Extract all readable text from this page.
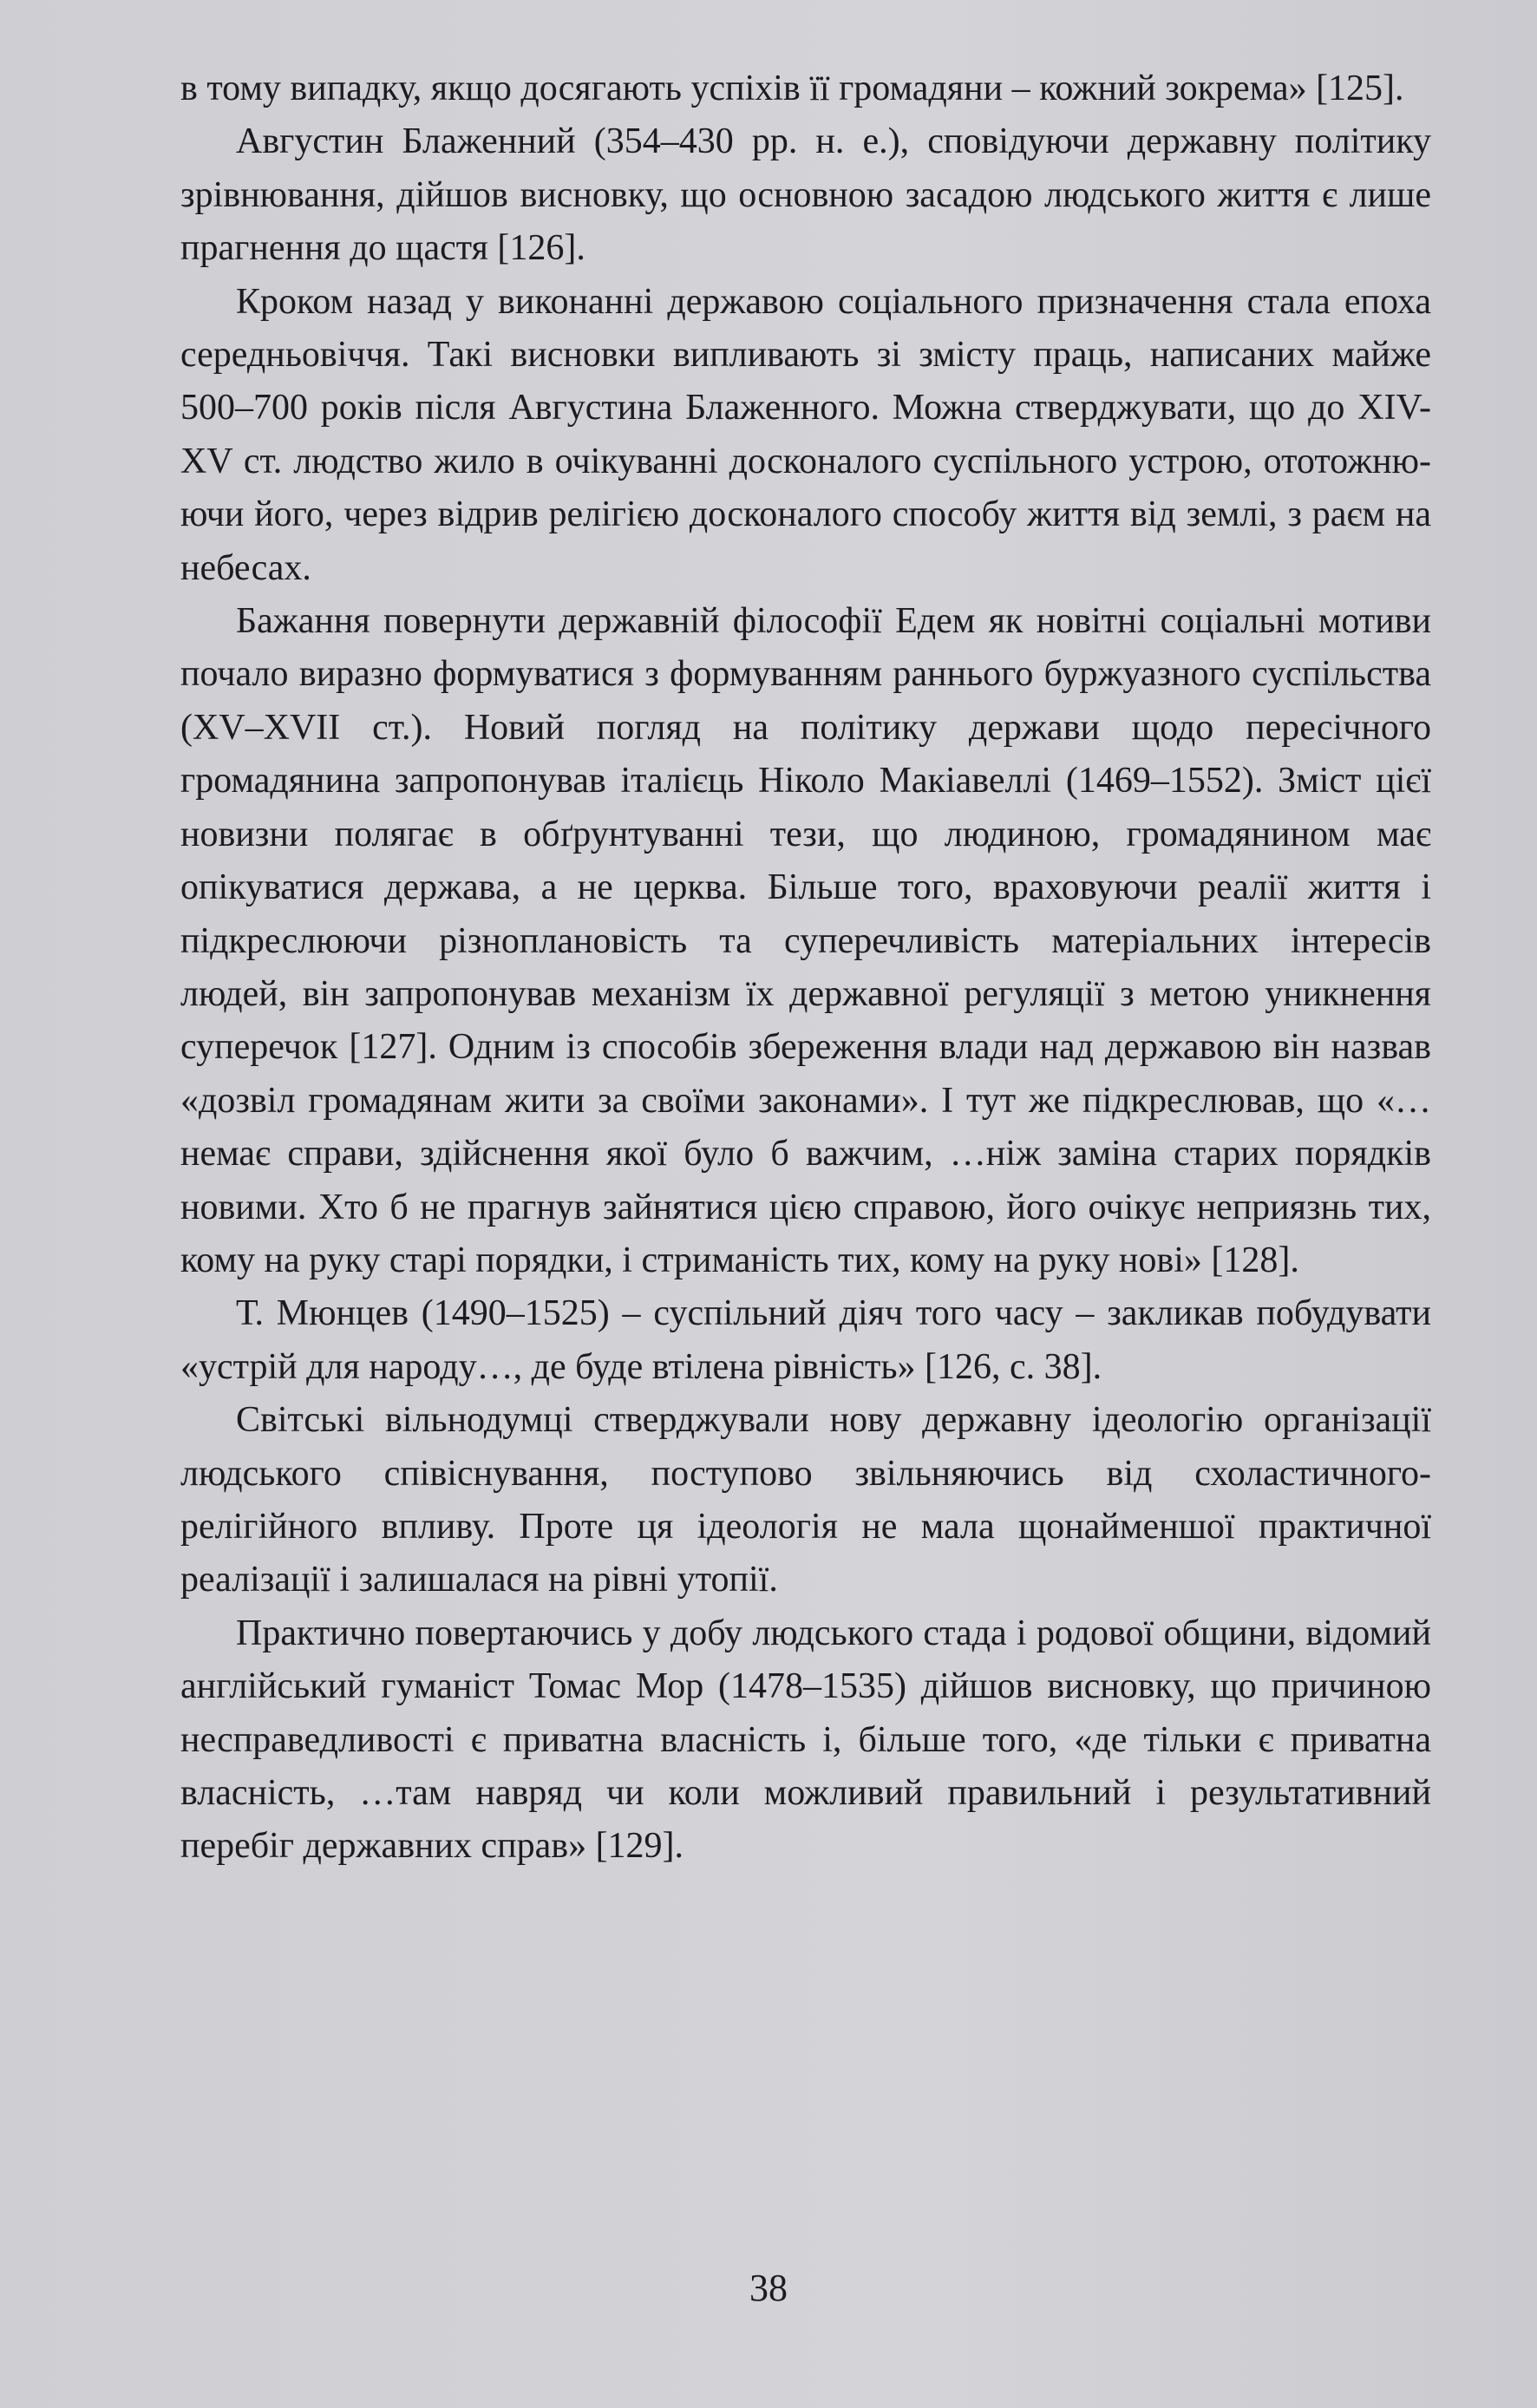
в тому випадку, якщо досягають успіхів її громадяни – кожний зокрема» [125].

Августин Блаженний (354–430 рр. н. е.), сповідуючи державну політику зрівнювання, дійшов висновку, що основною засадою людського життя є лише прагнення до щастя [126].

Кроком назад у виконанні державою соціального призначення стала епоха середньовіччя. Такі висновки випливають зі змісту праць, написаних майже 500–700 років після Августина Блаженного. Можна стверджувати, що до XIV-XV ст. людство жило в очікуванні досконалого суспільного устрою, ототожнюючи його, через відрив релігією досконалого способу життя від землі, з раєм на небесах.

Бажання повернути державній філософії Едем як новітні соціальні мотиви почало виразно формуватися з формуванням раннього буржуазного суспільства (XV–XVII ст.). Новий погляд на політику держави щодо пересічного громадянина запропонував італієць Ніколо Макіавеллі (1469–1552). Зміст цієї новизни полягає в обґрунтуванні тези, що людиною, громадянином має опікуватися держава, а не церква. Більше того, враховуючи реалії життя і підкреслюючи різноплановість та суперечливість матеріальних інтересів людей, він запропонував механізм їх державної регуляції з метою уникнення суперечок [127]. Одним із способів збереження влади над державою він назвав «дозвіл громадянам жити за своїми законами». І тут же підкреслював, що «…немає справи, здійснення якої було б важчим, …ніж заміна старих порядків новими. Хто б не прагнув зайнятися цією справою, його очікує неприязнь тих, кому на руку старі порядки, і стриманість тих, кому на руку нові» [128].

Т. Мюнцев (1490–1525) – суспільний діяч того часу – закликав побудувати «устрій для народу…, де буде втілена рівність» [126, с. 38].

Світські вільнодумці стверджували нову державну ідеологію організації людського співіснування, поступово звільняючись від схоластичного-релігійного впливу. Проте ця ідеологія не мала щонайменшої практичної реалізації і залишалася на рівні утопії.

Практично повертаючись у добу людського стада і родової общини, відомий англійський гуманіст Томас Мор (1478–1535) дійшов висновку, що причиною несправедливості є приватна власність і, більше того, «де тільки є приватна власність, …там навряд чи коли можливий правильний і результативний перебіг державних справ» [129].

38
